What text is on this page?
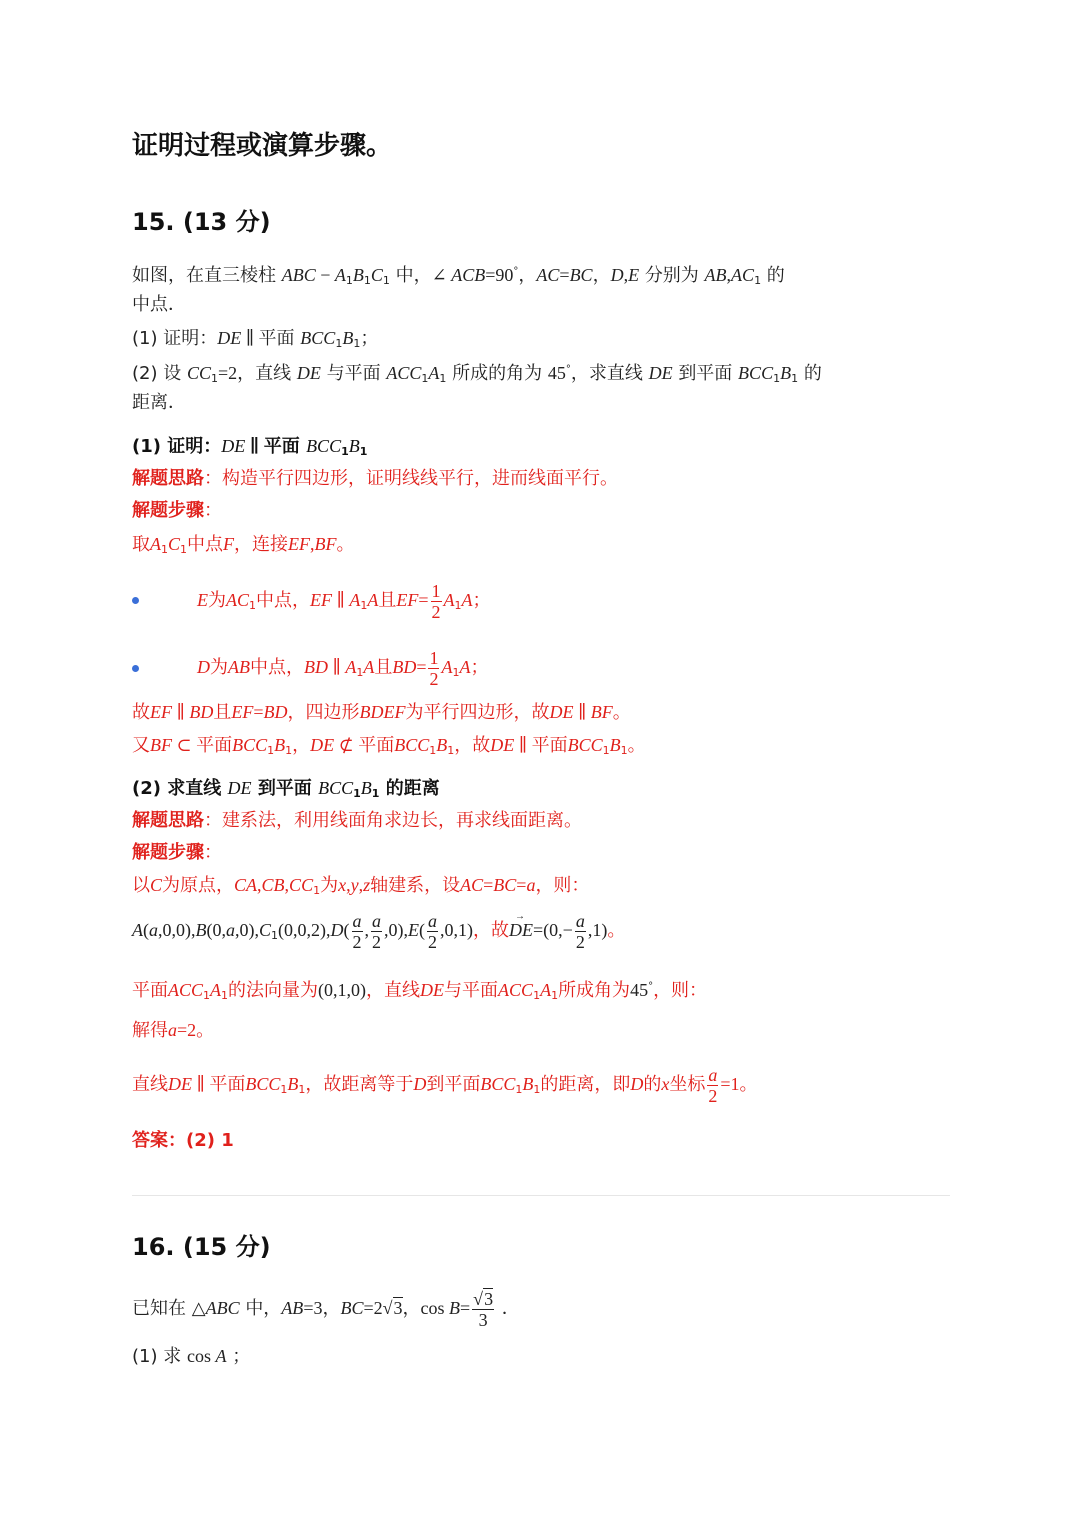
证明过程或演算步骤。
15. (13 分)
如图，在直三棱柱 ABC − $A_1B_1C_1$ 中，∠ ACB=90°，AC=BC，D,E 分别为 $AB,AC_1$ 的
中点．
(1) 证明：DE ∥ 平面 $BCC_1B_1$；
(2) 设 $CC_1=2$，直线 DE 与平面 $ACC_1A_1$ 所成的角为 45°，求直线 DE 到平面 $BCC_1B_1$ 的
距离．
(1) 证明：DE ∥ 平面 $BCC_1B_1$
解题思路：构造平行四边形，证明线线平行，进而线面平行。
解题步骤：
取$A_1C_1$中点F，连接EF,BF。
E为$AC_1$中点，EF ∥ $A_1A$且$EF= \frac{1}{2} A_1A$；
D为AB中点，BD ∥ $A_1A$且$BD= \frac{1}{2} A_1A$；
故EF ∥ BD且EF=BD，四边形BDEF为平行四边形，故DE ∥ BF。
又BF ⊂ 平面$BCC_1B_1$，DE ⊄ 平面$BCC_1B_1$，故DE ∥ 平面$BCC_1B_1$。
(2) 求直线 DE 到平面 $BCC_1B_1$ 的距离
解题思路：建系法，利用线面角求边长，再求线面距离。
解题步骤：
以C为原点，$CA,CB,CC_1$为x,y,z轴建系，设AC=BC=a，则：
$A(a,0,0),B(0,a,0),C_1(0,0,2),D( \frac{a}{2}$ , $\frac{a}{2} ,0),E( \frac{a}{2} ,0,1)$，故→ $DE=(0,- \frac{a}{2} ,1)$。
平面$ACC_1A_1$的法向量为(0,1,0)，直线DE与平面$ACC_1A_1$所成角为45°，则：
解得a=2。
直线DE ∥ 平面$BCC_1B_1$，故距离等于D到平面$BCC_1B_1$的距离，即D的x坐标 $\frac{a}{2} =1$。
答案：(2) 1
16. (15 分)
已知在 △ABC 中，AB=3，BC=2√3，$\cos B= \frac{√3}{3}$ ．
(1) 求 cos A ；
